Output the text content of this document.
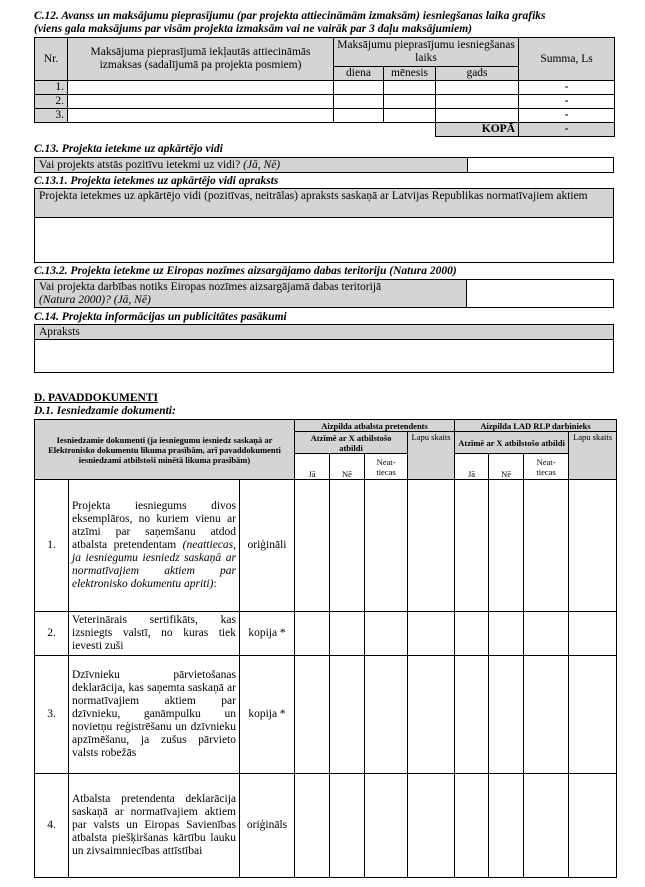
C.12. Avanss un maksājumu pieprasījumu (par projekta attiecināmām izmaksām) iesniegšanas laika grafiks
(viens gala maksājums par visām projekta izmaksām vai ne vairāk par 3 daļu maksājumiem)
Nr.	Maksājuma pieprasījumā iekļautās attiecināmās izmaksas (sadalījumā pa projekta posmiem)	Maksājumu pieprasījumu iesniegšanas laiks			Summa, Ls
		diena	mēnesis	gads	
1.					-
2.					-
3.					-
				KOPĀ	-
C.13. Projekta ietekme uz apkārtējo vidi
Vai projekts atstās pozitīvu ietekmi uz vidi? (Jā, Nē)
C.13.1. Projekta ietekmes uz apkārtējo vidi apraksts
Projekta ietekmes uz apkārtējo vidi (pozitīvas, neitrālas) apraksts saskaņā ar Latvijas Republikas normatīvajiem aktiem
C.13.2. Projekta ietekme uz Eiropas nozīmes aizsargājamo dabas teritoriju (Natura 2000)
Vai projekta darbības notiks Eiropas nozīmes aizsargājamā dabas teritorijā
(Natura 2000)? (Jā, Nē)
C.14. Projekta informācijas un publicitātes pasākumi
Apraksts
D. PAVADDOKUMENTI
D.1. Iesniedzamie dokumenti:
Iesniedzamie dokumenti (ja iesniegumu iesniedz saskaņā ar Elektronisko dokumentu likuma prasībām, arī pavaddokumenti iesniedzami atbilstoši minētā likuma prasībām)			Aizpilda atbalsta pretendents				Aizpilda LAD RLP darbinieks			
			Atzīmē ar X atbilstošo atbildi			Lapu skaits	Atzīmē ar X atbilstošo atbildi			Lapu skaits
			Jā	Nē	Neat-tiecas		Jā	Nē	Neat-tiecas	
1.	Projekta iesniegums divos eksemplāros, no kuriem vienu ar atzīmi par saņemšanu atdod atbalsta pretendentam (neattiecas, ja iesniegumu iesniedz saskaņā ar normatīvajiem aktiem par elektronisko dokumentu apriti):	oriģināli								
2.	Veterinārais sertifikāts, kas izsniegts valstī, no kuras tiek ievesti zuši	kopija *								
3.	Dzīvnieku pārvietošanas deklarācija, kas saņemta saskaņā ar normatīvajiem aktiem par dzīvnieku, ganāmpulku un novietņu reģistrēšanu un dzīvnieku apzīmēšanu, ja zušus pārvieto valsts robežās	kopija *								
4.	Atbalsta pretendenta deklarācija saskaņā ar normatīvajiem aktiem par valsts un Eiropas Savienības atbalsta piešķiršanas kārtību lauku un zivsaimniecības attīstībai	oriģināls								
